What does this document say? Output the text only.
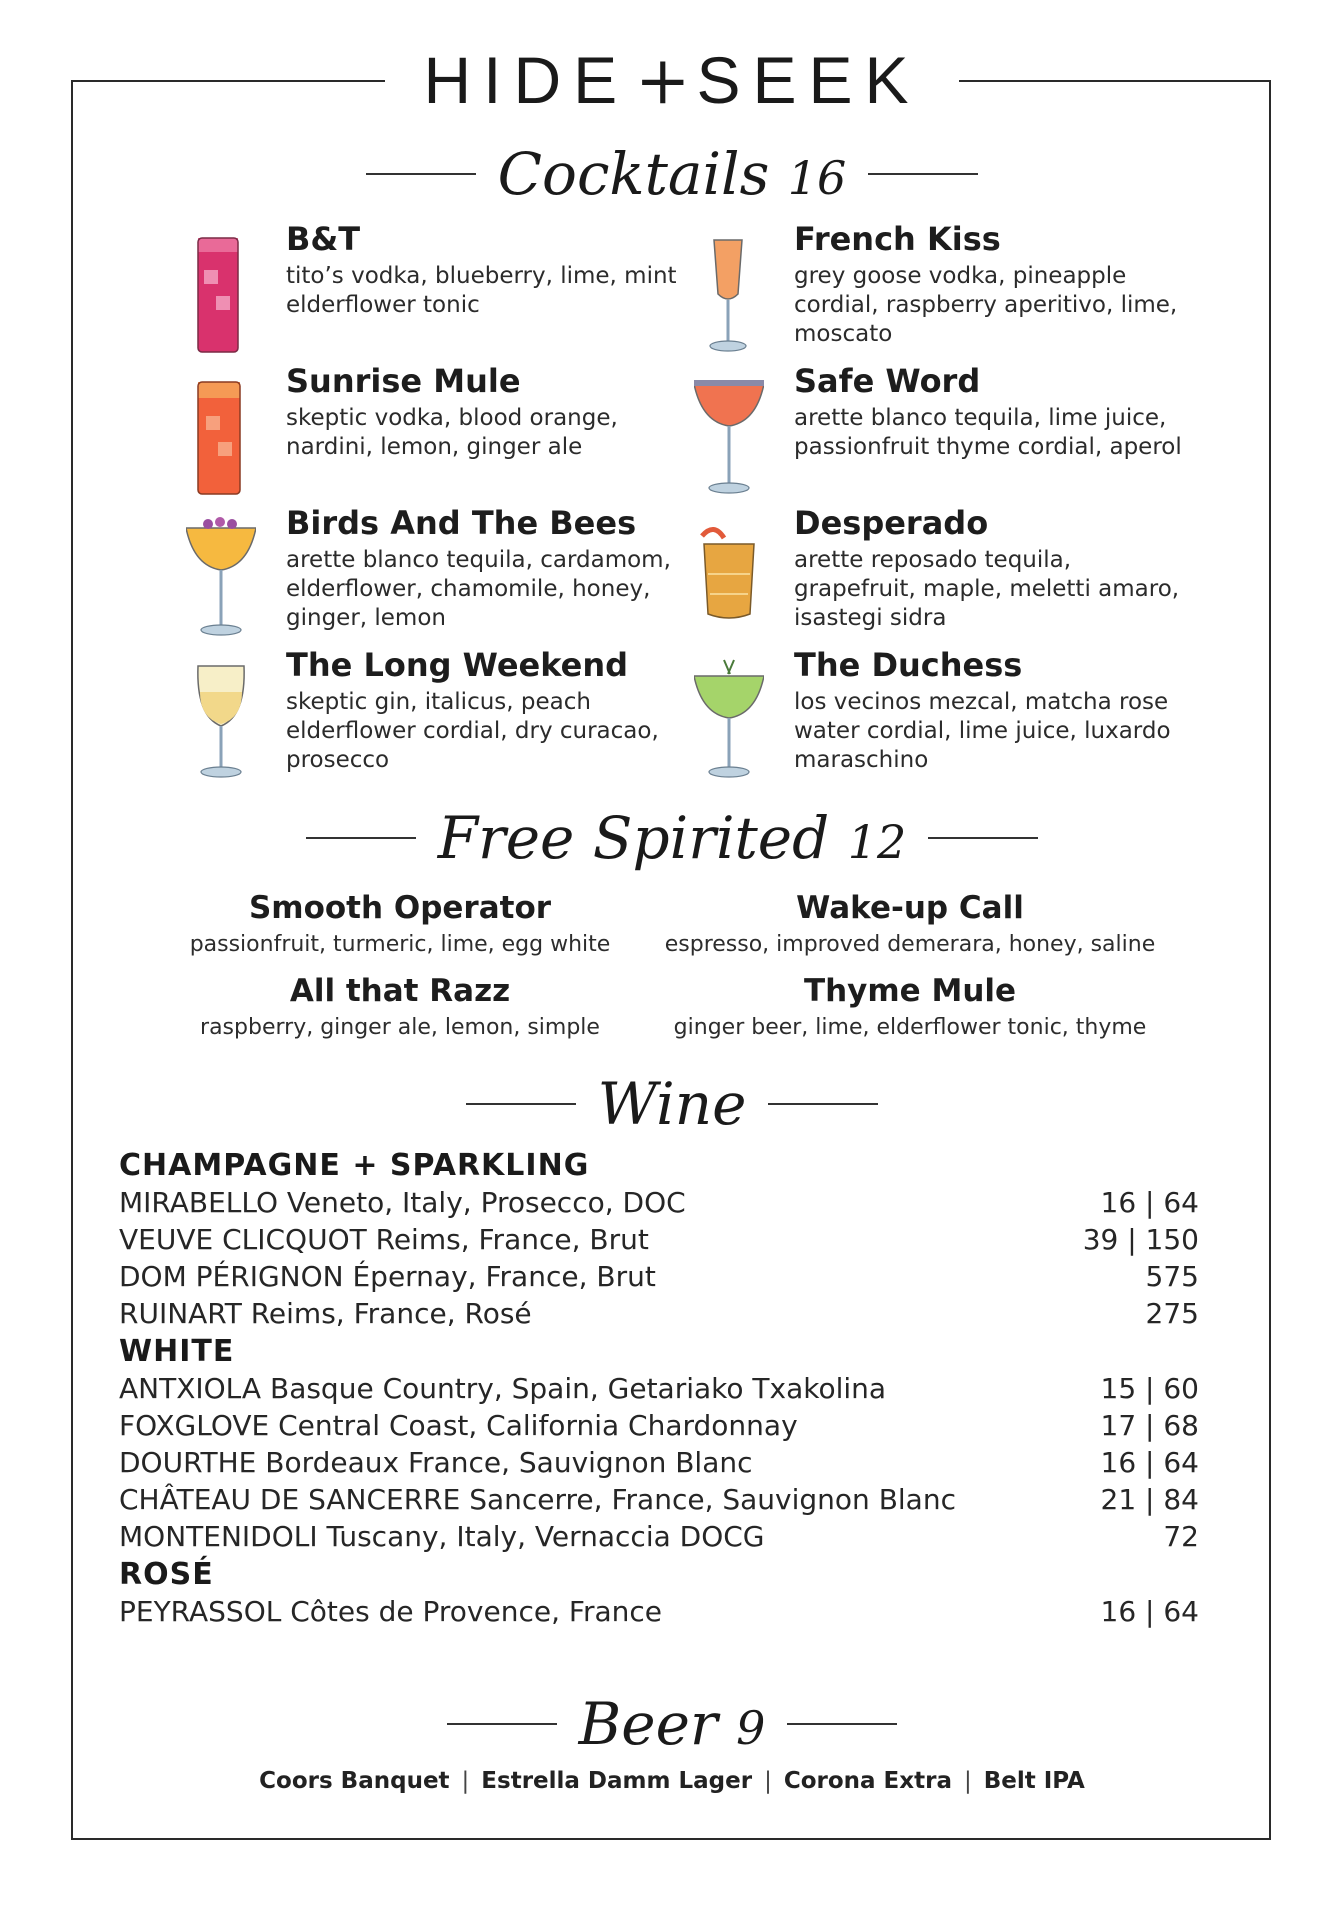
HIDE+SEEK
Cocktails 16
B&T
tito’s vodka, blueberry, lime, mint elderflower tonic
French Kiss
grey goose vodka, pineapple cordial, raspberry aperitivo, lime, moscato
Sunrise Mule
skeptic vodka, blood orange, nardini, lemon, ginger ale
Safe Word
arette blanco tequila, lime juice, passionfruit thyme cordial, aperol
Birds And The Bees
arette blanco tequila, cardamom, elderflower, chamomile, honey, ginger, lemon
Desperado
arette reposado tequila, grapefruit, maple, meletti amaro, isastegi sidra
The Long Weekend
skeptic gin, italicus, peach elderflower cordial, dry curacao, prosecco
The Duchess
los vecinos mezcal, matcha rose water cordial, lime juice, luxardo maraschino
Free Spirited 12
Smooth Operator
passionfruit, turmeric, lime, egg white
Wake-up Call
espresso, improved demerara, honey, saline
All that Razz
raspberry, ginger ale, lemon, simple
Thyme Mule
ginger beer, lime, elderflower tonic, thyme
Wine
CHAMPAGNE + SPARKLING
MIRABELLO Veneto, Italy, Prosecco, DOC	16 | 64
VEUVE CLICQUOT Reims, France, Brut	39 | 150
DOM PÉRIGNON Épernay, France, Brut	575
RUINART Reims, France, Rosé	275
WHITE
ANTXIOLA Basque Country, Spain, Getariako Txakolina	15 | 60
FOXGLOVE Central Coast, California Chardonnay	17 | 68
DOURTHE Bordeaux France, Sauvignon Blanc	16 | 64
CHÂTEAU DE SANCERRE Sancerre, France, Sauvignon Blanc	21 | 84
MONTENIDOLI Tuscany, Italy, Vernaccia DOCG	72
ROSÉ
PEYRASSOL Côtes de Provence, France	16 | 64
Beer 9
Coors Banquet | Estrella Damm Lager | Corona Extra | Belt IPA
